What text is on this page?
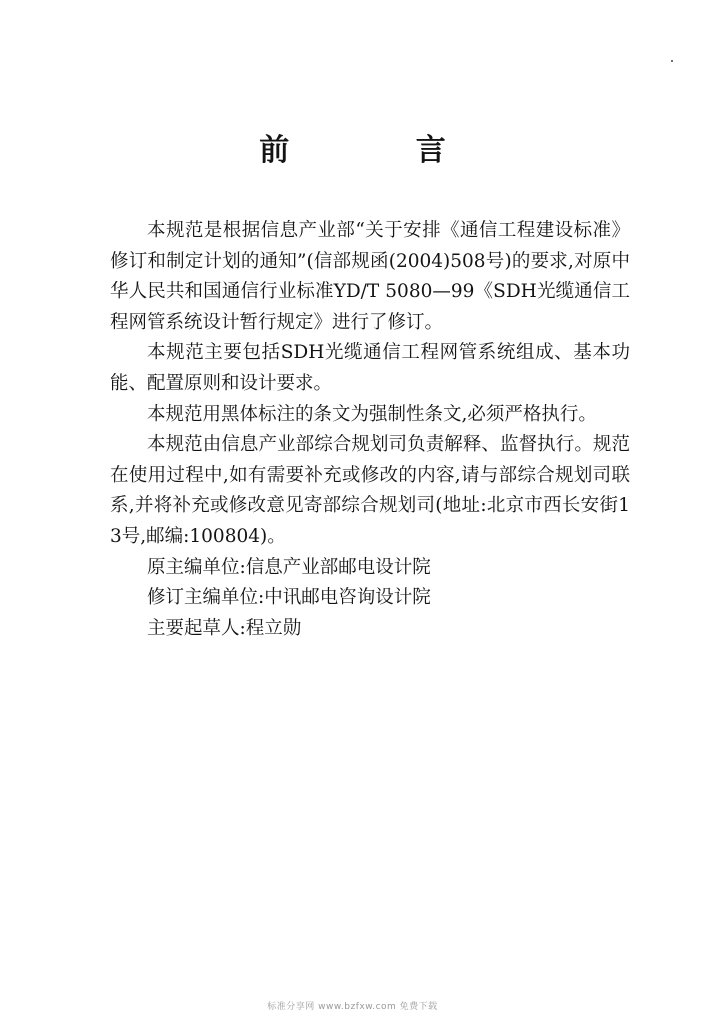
前 言

本规范是根据信息产业部“关于安排《通信工程建设标准》修订和制定计划的通知”(信部规函(2004)508号)的要求,对原中华人民共和国通信行业标准YD/T 5080—99《SDH光缆通信工程网管系统设计暂行规定》进行了修订。

本规范主要包括SDH光缆通信工程网管系统组成、基本功能、配置原则和设计要求。

本规范用黑体标注的条文为强制性条文,必须严格执行。

本规范由信息产业部综合规划司负责解释、监督执行。规范在使用过程中,如有需要补充或修改的内容,请与部综合规划司联系,并将补充或修改意见寄部综合规划司(地址:北京市西长安街13号,邮编:100804)。

原主编单位:信息产业部邮电设计院

修订主编单位:中讯邮电咨询设计院

主要起草人:程立勋

标准分享网 www.bzfxw.com 免费下载
